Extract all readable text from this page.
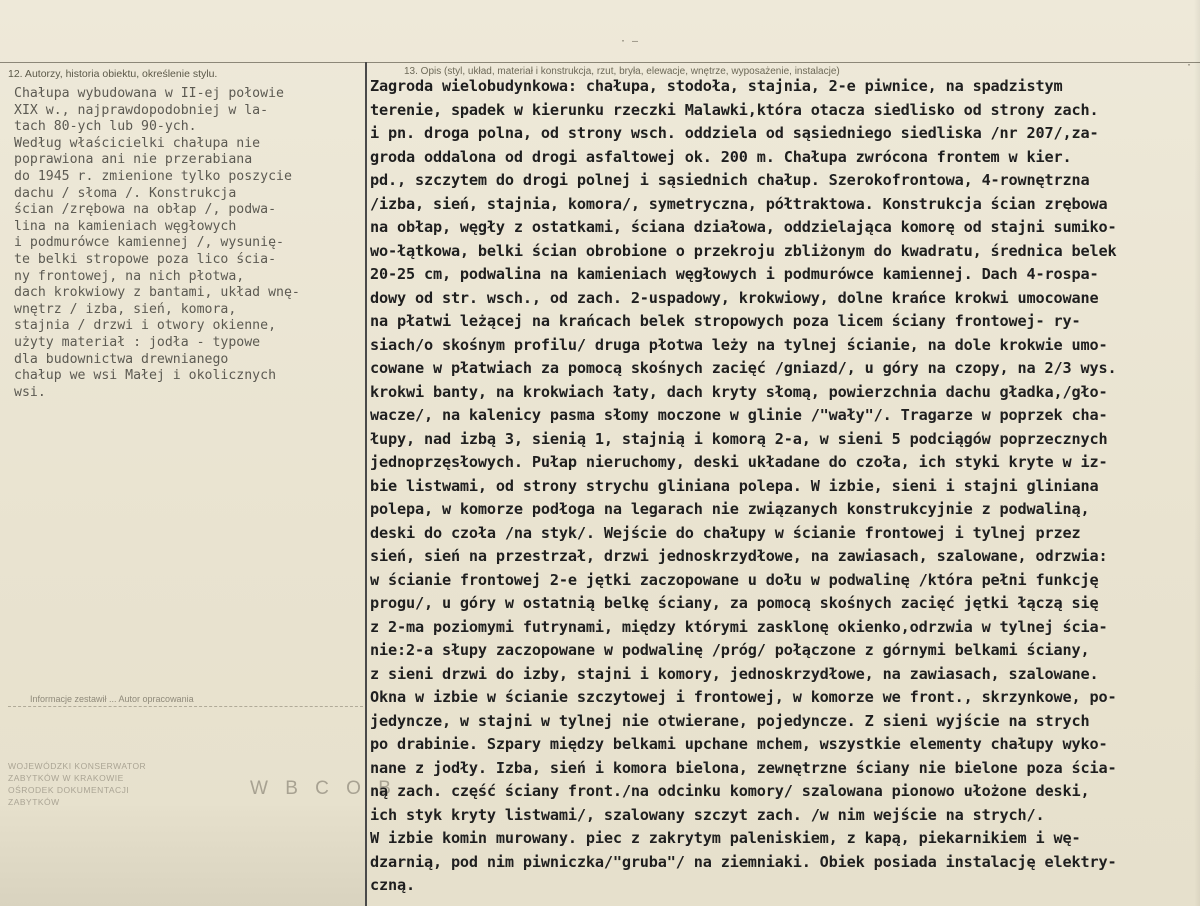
· –
·
12. Autorzy, historia obiektu, określenie stylu.	13. Opis (styl, układ, materiał i konstrukcja, rzut, bryła, elewacje, wnętrze, wyposażenie, instalacje)
Chałupa wybudowana w II-ej połowie
XIX w., najprawdopodobniej w la-
tach 80-ych lub 90-ych.
Według właścicielki chałupa nie
poprawiona ani nie przerabiana
do 1945 r. zmienione tylko poszycie
dachu / słoma /. Konstrukcja
ścian /zrębowa na obłap /, podwa-
lina na kamieniach węgłowych
i podmurówce kamiennej /, wysunię-
te belki stropowe poza lico ścia-
ny frontowej, na nich płotwa,
dach krokwiowy z bantami, układ wnę-
wnętrz / izba, sień, komora,
stajnia / drzwi i otwory okienne,
użyty materiał : jodła - typowe
dla budownictwa drewnianego
chałup we wsi Małej i okolicznych
wsi.
Informacje zestawił ... Autor opracowania
WOJEWÓDZKI KONSERWATOR
ZABYTKÓW W KRAKOWIE
OŚRODEK DOKUMENTACJI
ZABYTKÓW
W B C O B
Zagroda wielobudynkowa: chałupa, stodoła, stajnia, 2-e piwnice, na spadzistym
terenie, spadek w kierunku rzeczki Malawki,która otacza siedlisko od strony zach.
i pn. droga polna, od strony wsch. oddziela od sąsiedniego siedliska /nr 207/,za-
groda oddalona od drogi asfaltowej ok. 200 m. Chałupa zwrócona frontem w kier.
pd., szczytem do drogi polnej i sąsiednich chałup. Szerokofrontowa, 4-rownętrzna
/izba, sień, stajnia, komora/, symetryczna, półtraktowa. Konstrukcja ścian zrębowa
na obłap, węgły z ostatkami, ściana działowa, oddzielająca komorę od stajni sumiko-
wo-łątkowa, belki ścian obrobione o przekroju zbliżonym do kwadratu, średnica belek
20-25 cm, podwalina na kamieniach węgłowych i podmurówce kamiennej. Dach 4-rospa-
dowy od str. wsch., od zach. 2-uspadowy, krokwiowy, dolne krańce krokwi umocowane
na płatwi leżącej na krańcach belek stropowych poza licem ściany frontowej- ry-
siach/o skośnym profilu/ druga płotwa leży na tylnej ścianie, na dole krokwie umo-
cowane w płatwiach za pomocą skośnych zacięć /gniazd/, u góry na czopy, na 2/3 wys.
krokwi banty, na krokwiach łaty, dach kryty słomą, powierzchnia dachu gładka,/gło-
wacze/, na kalenicy pasma słomy moczone w glinie /"wały"/. Tragarze w poprzek cha-
łupy, nad izbą 3, sienią 1, stajnią i komorą 2-a, w sieni 5 podciągów poprzecznych
jednoprzęsłowych. Pułap nieruchomy, deski układane do czoła, ich styki kryte w iz-
bie listwami, od strony strychu gliniana polepa. W izbie, sieni i stajni gliniana
polepa, w komorze podłoga na legarach nie związanych konstrukcyjnie z podwaliną,
deski do czoła /na styk/. Wejście do chałupy w ścianie frontowej i tylnej przez
sień, sień na przestrzał, drzwi jednoskrzydłowe, na zawiasach, szalowane, odrzwia:
w ścianie frontowej 2-e jętki zaczopowane u dołu w podwalinę /która pełni funkcję
progu/, u góry w ostatnią belkę ściany, za pomocą skośnych zacięć jętki łączą się
z 2-ma poziomymi futrynami, między którymi zasklonę okienko,odrzwia w tylnej ścia-
nie:2-a słupy zaczopowane w podwalinę /próg/ połączone z górnymi belkami ściany,
z sieni drzwi do izby, stajni i komory, jednoskrzydłowe, na zawiasach, szalowane.
Okna w izbie w ścianie szczytowej i frontowej, w komorze we front., skrzynkowe, po-
jedyncze, w stajni w tylnej nie otwierane, pojedyncze. Z sieni wyjście na strych
po drabinie. Szpary między belkami upchane mchem, wszystkie elementy chałupy wyko-
nane z jodły. Izba, sień i komora bielona, zewnętrzne ściany nie bielone poza ścia-
ną zach. część ściany front./na odcinku komory/ szalowana pionowo ułożone deski,
ich styk kryty listwami/, szalowany szczyt zach. /w nim wejście na strych/.
W izbie komin murowany. piec z zakrytym paleniskiem, z kapą, piekarnikiem i wę-
dzarnią, pod nim piwniczka/"gruba"/ na ziemniaki. Obiek posiada instalację elektry-
czną.
